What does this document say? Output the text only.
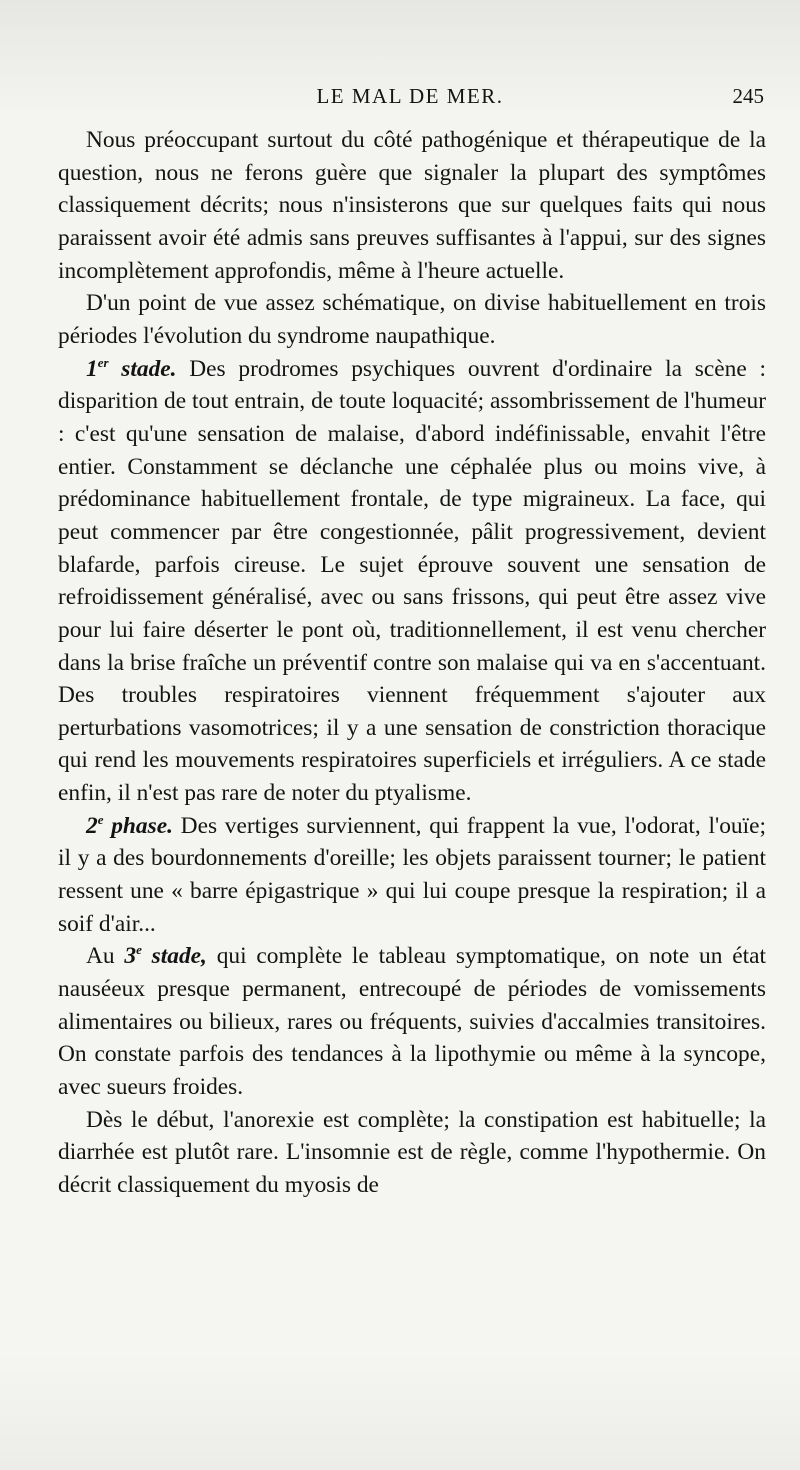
LE MAL DE MER.	245

Nous préoccupant surtout du côté pathogénique et thérapeutique de la question, nous ne ferons guère que signaler la plupart des symptômes classiquement décrits; nous n'insisterons que sur quelques faits qui nous paraissent avoir été admis sans preuves suffisantes à l'appui, sur des signes incomplètement approfondis, même à l'heure actuelle.

D'un point de vue assez schématique, on divise habituellement en trois périodes l'évolution du syndrome naupathique.

1er stade. Des prodromes psychiques ouvrent d'ordinaire la scène : disparition de tout entrain, de toute loquacité; assombrissement de l'humeur : c'est qu'une sensation de malaise, d'abord indéfinissable, envahit l'être entier. Constamment se déclanche une céphalée plus ou moins vive, à prédominance habituellement frontale, de type migraineux. La face, qui peut commencer par être congestionnée, pâlit progressivement, devient blafarde, parfois cireuse. Le sujet éprouve souvent une sensation de refroidissement généralisé, avec ou sans frissons, qui peut être assez vive pour lui faire déserter le pont où, traditionnellement, il est venu chercher dans la brise fraîche un préventif contre son malaise qui va en s'accentuant. Des troubles respiratoires viennent fréquemment s'ajouter aux perturbations vasomotrices; il y a une sensation de constriction thoracique qui rend les mouvements respiratoires superficiels et irréguliers. A ce stade enfin, il n'est pas rare de noter du ptyalisme.

2e phase. Des vertiges surviennent, qui frappent la vue, l'odorat, l'ouïe; il y a des bourdonnements d'oreille; les objets paraissent tourner; le patient ressent une « barre épigastrique » qui lui coupe presque la respiration; il a soif d'air...

Au 3e stade, qui complète le tableau symptomatique, on note un état nauséeux presque permanent, entrecoupé de périodes de vomissements alimentaires ou bilieux, rares ou fréquents, suivies d'accalmies transitoires. On constate parfois des tendances à la lipothymie ou même à la syncope, avec sueurs froides.

Dès le début, l'anorexie est complète; la constipation est habituelle; la diarrhée est plutôt rare. L'insomnie est de règle, comme l'hypothermie. On décrit classiquement du myosis de
